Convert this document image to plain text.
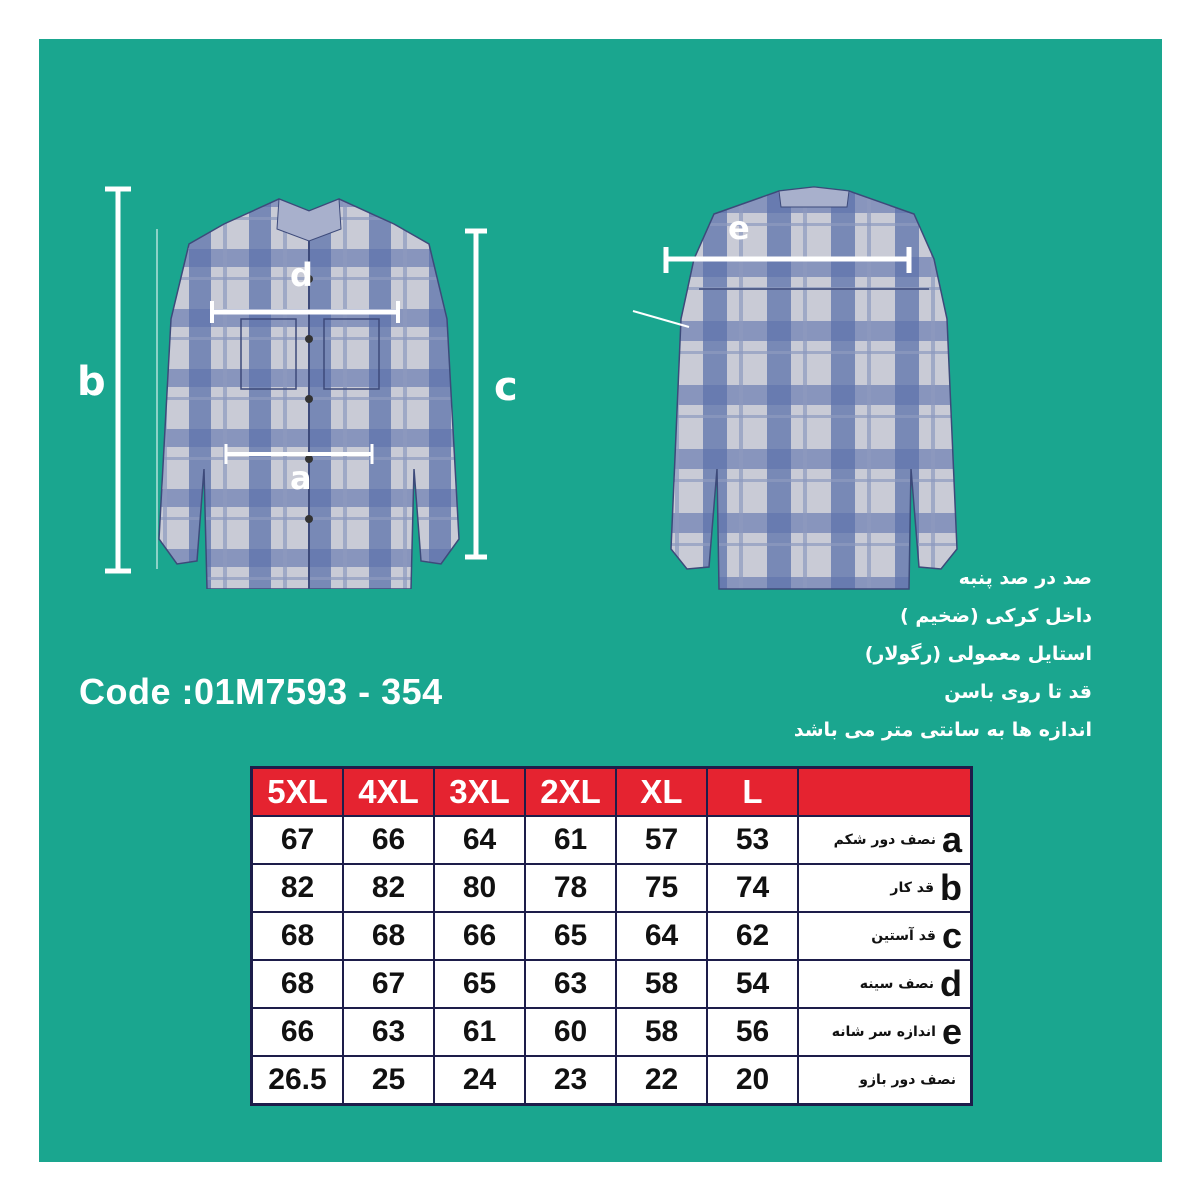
b	c
d
a
e
Code :01M7593 - 354
صد در صد پنبه
داخل کرکی (ضخیم )
استایل معمولی (رگولار)
قد تا روی باسن
اندازه ها به سانتی متر می باشد
5XL	4XL	3XL	2XL	XL	L	
67	66	64	61	57	53	نصف دور شکم a

82	82	80	78	75	74	قد کار b

68	68	66	65	64	62	قد آستین c

68	67	65	63	58	54	نصف سینه d

66	63	61	60	58	56	اندازه سر شانه e

26.5	25	24	23	22	20	نصف دور بازو
